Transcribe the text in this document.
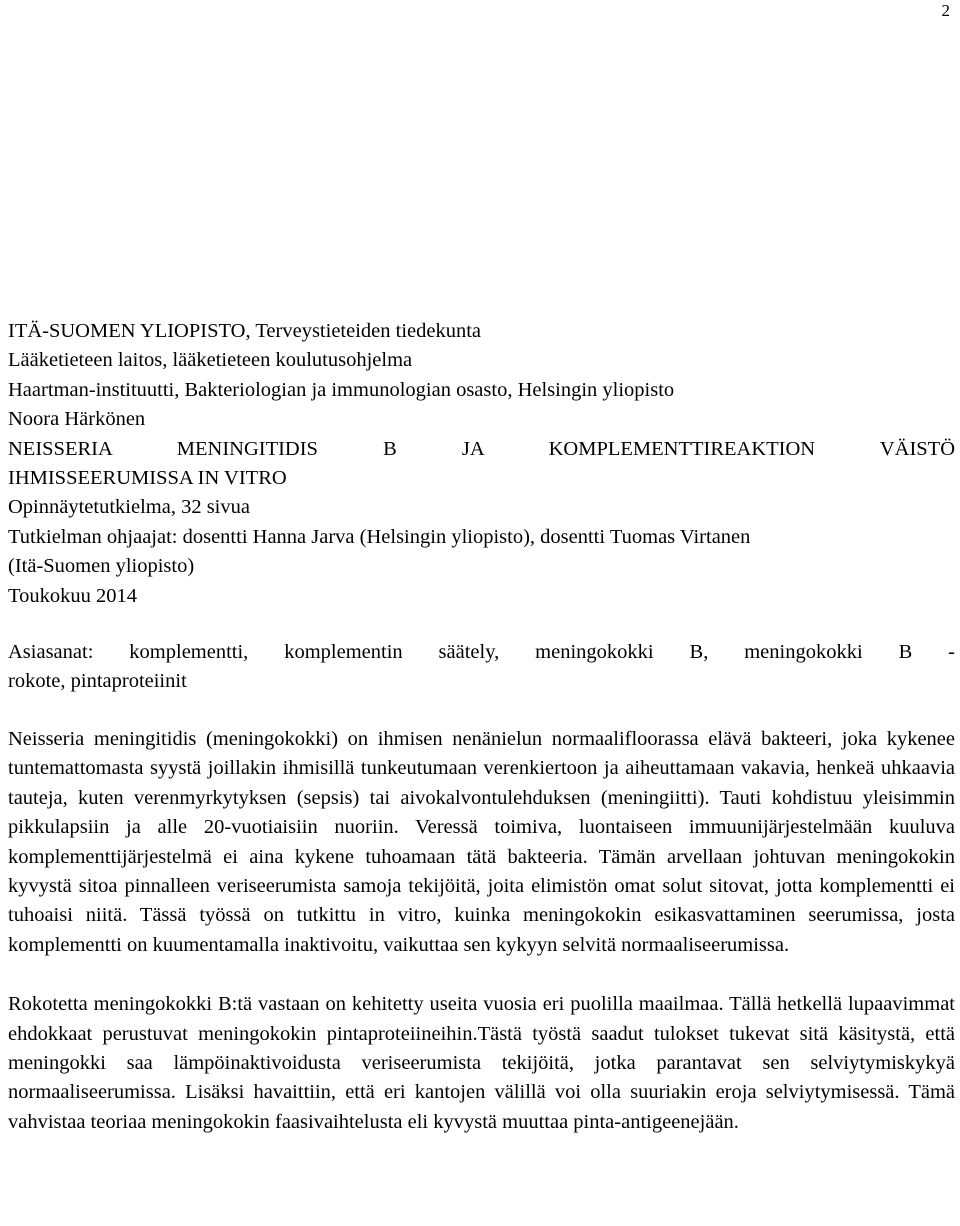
2
ITÄ-SUOMEN YLIOPISTO, Terveystieteiden tiedekunta
Lääketieteen laitos, lääketieteen koulutusohjelma
Haartman-instituutti, Bakteriologian ja immunologian osasto, Helsingin yliopisto
Noora Härkönen
NEISSERIA MENINGITIDIS B JA KOMPLEMENTTIREAKTION VÄISTÖ
IHMISSEERUMISSA IN VITRO
Opinnäytetutkielma, 32 sivua
Tutkielman ohjaajat: dosentti Hanna Jarva (Helsingin yliopisto), dosentti Tuomas Virtanen
(Itä-Suomen yliopisto)
Toukokuu 2014
Asiasanat: komplementti, komplementin säätely, meningokokki B, meningokokki B -
rokote, pintaproteiinit

Neisseria meningitidis (meningokokki) on ihmisen nenänielun normaalifloorassa elävä bakteeri, joka kykenee tuntemattomasta syystä joillakin ihmisillä tunkeutumaan verenkiertoon ja aiheuttamaan vakavia, henkeä uhkaavia tauteja, kuten verenmyrkytyksen (sepsis) tai aivokalvontulehduksen (meningiitti). Tauti kohdistuu yleisimmin pikkulapsiin ja alle 20-vuotiaisiin nuoriin. Veressä toimiva, luontaiseen immuunijärjestelmään kuuluva komplementtijärjestelmä ei aina kykene tuhoamaan tätä bakteeria. Tämän arvellaan johtuvan meningokokin kyvystä sitoa pinnalleen veriseerumista samoja tekijöitä, joita elimistön omat solut sitovat, jotta komplementti ei tuhoaisi niitä. Tässä työssä on tutkittu in vitro, kuinka meningokokin esikasvattaminen seerumissa, josta komplementti on kuumentamalla inaktivoitu, vaikuttaa sen kykyyn selvitä normaaliseerumissa.

Rokotetta meningokokki B:tä vastaan on kehitetty useita vuosia eri puolilla maailmaa. Tällä hetkellä lupaavimmat ehdokkaat perustuvat meningokokin pintaproteiineihin.Tästä työstä saadut tulokset tukevat sitä käsitystä, että meningokki saa lämpöinaktivoidusta veriseerumista tekijöitä, jotka parantavat sen selviytymiskykyä normaaliseerumissa. Lisäksi havaittiin, että eri kantojen välillä voi olla suuriakin eroja selviytymisessä. Tämä vahvistaa teoriaa meningokokin faasivaihtelusta eli kyvystä muuttaa pinta-antigeenejään.
